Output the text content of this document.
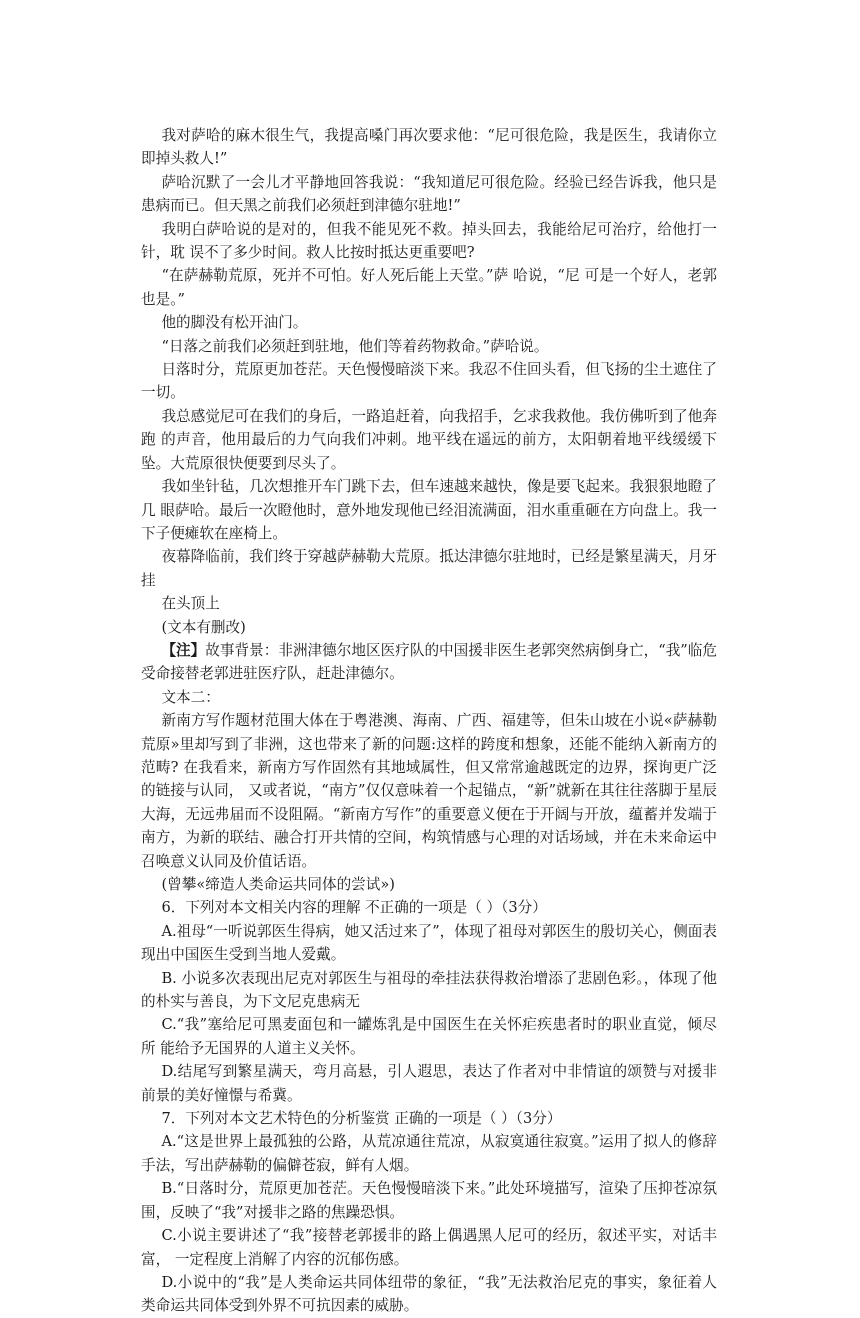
我对萨哈的麻木很生气，我提高嗓门再次要求他：“尼可很危险，我是医生，我请你立即掉头救人!”

萨哈沉默了一会儿才平静地回答我说：“我知道尼可很危险。经验已经告诉我，他只是患病而已。但天黑之前我们必须赶到津德尔驻地!”

我明白萨哈说的是对的，但我不能见死不救。掉头回去，我能给尼可治疗，给他打一针，耽 误不了多少时间。救人比按时抵达更重要吧?

“在萨赫勒荒原，死并不可怕。好人死后能上天堂。”萨 哈说，“尼 可是一个好人，老郭也是。”

他的脚没有松开油门。

“日落之前我们必须赶到驻地，他们等着药物救命。”萨哈说。

日落时分，荒原更加苍茫。天色慢慢暗淡下来。我忍不住回头看，但飞扬的尘土遮住了一切。

我总感觉尼可在我们的身后，一路追赶着，向我招手，乞求我救他。我仿佛听到了他奔跑 的声音，他用最后的力气向我们冲刺。地平线在遥远的前方，太阳朝着地平线缓缓下坠。大荒原很快便要到尽头了。

我如坐针毡，几次想推开车门跳下去，但车速越来越快，像是要飞起来。我狠狠地瞪了几 眼萨哈。最后一次瞪他时，意外地发现他已经泪流满面，泪水重重砸在方向盘上。我一下子便瘫软在座椅上。

夜幕降临前，我们终于穿越萨赫勒大荒原。抵达津德尔驻地时，已经是繁星满天，月牙挂

在头顶上

(文本有删改)

【注】故事背景：非洲津德尔地区医疗队的中国援非医生老郭突然病倒身亡，“我”临危受命接替老郭进驻医疗队，赶赴津德尔。

文本二：

新南方写作题材范围大体在于粤港澳、海南、广西、福建等，但朱山坡在小说«萨赫勒荒原»里却写到了非洲，这也带来了新的问题:这样的跨度和想象，还能不能纳入新南方的范畴? 在我看来，新南方写作固然有其地域属性，但又常常逾越既定的边界，探询更广泛的链接与认同， 又或者说，“南方”仅仅意味着一个起锚点，“新”就新在其往往落脚于星辰大海，无远弗届而不设阻隔。“新南方写作”的重要意义便在于开阔与开放，蕴蓄并发端于南方，为新的联结、融合打开共情的空间，构筑情感与心理的对话场域，并在未来命运中召唤意义认同及价值话语。

(曾攀«缔造人类命运共同体的尝试»)

6．下列对本文相关内容的理解 不正确的一项是（ ）（3分）

A.祖母“一听说郭医生得病，她又活过来了”，体现了祖母对郭医生的殷切关心，侧面表现出中国医生受到当地人爱戴。

B. 小说多次表现出尼克对郭医生与祖母的牵挂法获得救治增添了悲剧色彩。，体现了他的朴实与善良，为下文尼克患病无

C.“我”塞给尼可黑麦面包和一罐炼乳是中国医生在关怀疟疾患者时的职业直觉，倾尽所 能给予无国界的人道主义关怀。

D.结尾写到繁星满天，弯月高悬，引人遐思，表达了作者对中非情谊的颂赞与对援非前景的美好憧憬与希冀。

7．下列对本文艺术特色的分析鉴赏 正确的一项是（ ）（3分）

A.“这是世界上最孤独的公路，从荒凉通往荒凉，从寂寞通往寂寞。”运用了拟人的修辞手法，写出萨赫勒的偏僻苍寂，鲜有人烟。

B.“日落时分，荒原更加苍茫。天色慢慢暗淡下来。”此处环境描写，渲染了压抑苍凉氛围，反映了“我”对援非之路的焦躁恐惧。

C.小说主要讲述了“我”接替老郭援非的路上偶遇黑人尼可的经历，叙述平实，对话丰富， 一定程度上消解了内容的沉郁伤感。

D.小说中的“我”是人类命运共同体纽带的象征，“我”无法救治尼克的事实，象征着人类命运共同体受到外界不可抗因素的威胁。
